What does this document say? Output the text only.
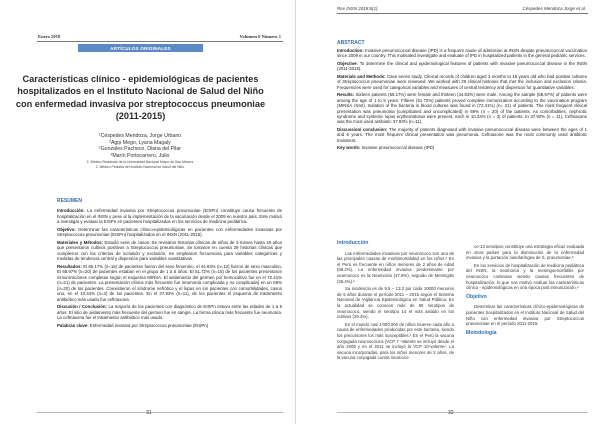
Enero 2018	Volumen 6 Número 1
ARTÍCULOS ORIGINALES
Características clínico - epidemiológicas de pacientes hospitalizados en el Instituto Nacional de Salud del Niño con enfermedad invasiva por streptococcus pneumoniae (2011-2015)
¹Céspedes Mendoza, Jorge Urbano
²Agip Mego, Lyana Magaly
²Gonzales Pacheco, Diana del Pilar
²Marín Portocarrero, Julio
1. Médico Residente de la Universidad Nacional Mayor de San Marcos
2. Médico Pediatra del Instituto Nacional de Salud del Niño
RESUMEN

Introducción: La enfermedad invasiva por Streptococcus pneumoniae (EISPn) constituye causa frecuente de hospitalización en el INSN y pese al la implementación de la vacunación desde el 2009 en nuestro país. Este motivó a investigar y evaluar la EISPn en pacientes hospitalizados en los servicios de medicina pediátrica.

Objetivo: Determinar las características clínico-epidemiológicas en pacientes con enfermedades invasivas por Streptococcus pneumoniae (EISPn) hospitalizados en el INSN (2011-2015).

Materiales y Métodos: Estudio serie de casos. Se revisaron historias clínicas de niños de 3 meses hasta 18 años que presentaron cultivos positivos a Streptococcus pneumoniae. Se tomaron en cuenta 29 historias clínicas que cumplieron con los criterios de inclusión y exclusión. Se emplearon frecuencias para variables categóricas y medidas de tendencia central y dispersión para variables cuantitativas.

Resultados: El 65.17% (n=16) de pacientes fueron del sexo femenino, el 44.83% (n=12) fueron de sexo masculino, El 68.97% (n=20) de pacientes estaban en el grupo de 1 a 5 años. El 51.72% (n=15) de los pacientes presentaron inmunizaciones completas según el esquema MINSA. El aislamiento del germen por hemocultivo fue en el 72.41% (n=21) de pacientes. La presentación clínica más frecuente fue neumonía complicada y no complicada) en un 69% (n=20) de los pacientes. Coexistieron el síndrome nefrótico y el lupus en los pacientes con comorbilidades, casos uno, en el 10.34% (n=3) de los pacientes. En el 37.93% (n=11), de los pacientes el esquema de tratamiento antibiótico más usado fue ceftriaxona.

Discusión / Conclusión: La mayoría de los pacientes con diagnóstico de EISPn estuvo entre las edades de 1 a 5 años. El sitio de aislamiento más frecuente del germen fue en sangre. La forma clínica más frecuente fue neumonía. La ceftriaxona fue el tratamiento antibiótico más usado.

Palabras clave: Enfermedad invasiva por Streptococcus pneumoniae (EISPn)

31
Rev INSN 2018;6(1)	Céspedes Mendoza Jorge et al.
ABSTRACT

Introduction: Invasive pneumococcal disease (IPD) is a frequent cause of admission at INSN despite pneumococcal vaccination since 2009 in our country. This motivated investigate and evaluate of IPD in hospitalized patients in the general pediatric services.

Objective: To determine the clinical and epidemiological features of patients with invasive pneumococcal disease in the INSN (2011-2015).

Materials and Methods: Case series study. Clinical records of children aged 3 months to 18 years old who had positive cultures of Streptococcus pneumoniae were reviewed. We worked with 29 clinical histories that met the inclusion and exclusion criteria. Frequencies were used for categorical variables and measures of central tendency and dispersion for quantitative variables.

Results: Sixteen patients (55.17%) were female and thirteen (44.83%) were male. Among the sample (68.97%) of patients were among the age of 1 to 5 years. Fifteen (51.72%) patients proved complete immunization according to the vaccination program (MINSA chart). Isolation of the bacteria in blood cultures was found in (72.41%) (n= 21) of patients. The most frequent clinical presentation was pneumonia (complicated and uncomplicated) in 69% (n = 20) of the patients. As comorbidities, nephrotic syndrome and systemic lupus erythematosus were present, each in 10.34% (n = 3) of patients. In 37.93% (n = 11), Ceftriaxone was the most used antibiotic 37.93% (n=11).

Discussion/ conclusion: The majority of patients diagnosed with invasive pneumococcal disease were between the ages of 1 and 5 years. The most frequent clinical presentation was pneumonia. Ceftriaxone was the most commonly used antibiotic treatment.

Key words: Invasive pneumococcal disease (IPD)

Introducción

Las enfermedades invasivas por neumococo son una de las principales causas de morbimortalidad en los niños.¹ En el Perú es frecuente en niños menores de 2 años de edad (68.2%). La enfermedad invasiva predominante por neumococo es la Neumonía (47.8%), seguido de Meningitis (36.4%).²

Su incidencia es de 9.5 – 13.3 por cada 10000 menores de 5 años durante el período 2011 – 2015 según el Sistema Nacional de Vigilancia Epidemiológica en Salud Pública. En la actualidad se conocen más de 90 serotipos de neumococo, siendo el serotipo 14 el más aislado en los cultivos (29.4%).

En el mundo casi 1'000,000 de niños mueren cada año a causa de enfermedades producidas por este bacteria, siendo los precursores los más susceptibles.³ En el Perú la vacuna conjugada neumocócica (VCP 7 -Valente se incluyó desde el año 2009 y en el 2011 se incluyó la VCP 10-valente⁴. La vacuna incorporadas, para los niños menores de 2 años, de la vacuna conjugada contra neumoco-

co-13 serotipos constituye una estrategia eficaz evaluada en otros países para la disminución de la enfermedad invasiva y la portación nasofaríngea de S. pneumoniae.⁵

En los servicios de hospitalización de medicina pediátrica del INSN, la neumonía y la meningoencefalitis por neumococo continúan siendo causas frecuentes de hospitalización, lo que nos motivó evaluar las características clínico - epidemiológicas en una época post inmunización.⁶

Objetivo

Determinar las características clínico-epidemiológicas de pacientes hospitalizados en el Instituto Nacional de Salud del Niño con enfermedad invasiva por Streptococcus pneumoniae en el período 2011-2015.

Metodología

32
